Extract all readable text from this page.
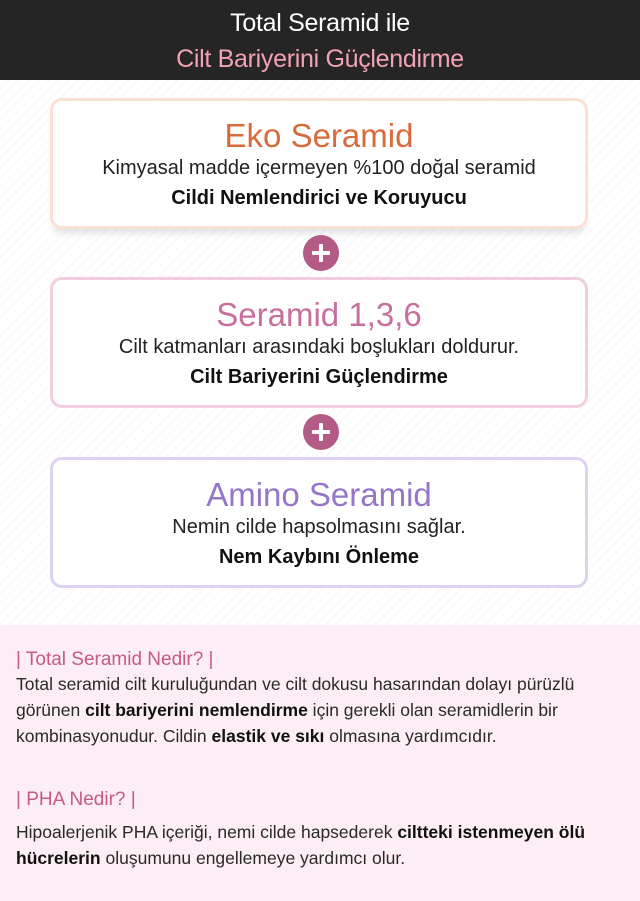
Total Seramid ile
Cilt Bariyerini Güçlendirme
Eko Seramid
Kimyasal madde içermeyen %100 doğal seramid
Cildi Nemlendirici ve Koruyucu
Seramid 1,3,6
Cilt katmanları arasındaki boşlukları doldurur.
Cilt Bariyerini Güçlendirme
Amino Seramid
Nemin cilde hapsolmasını sağlar.
Nem Kaybını Önleme
| Total Seramid Nedir? |
Total seramid cilt kuruluğundan ve cilt dokusu hasarından dolayı pürüzlü görünen cilt bariyerini nemlendirme için gerekli olan seramidlerin bir kombinasyonudur. Cildin elastik ve sıkı olmasına yardımcıdır.
| PHA Nedir? |
Hipoalerjenik PHA içeriği, nemi cilde hapsederek ciltteki istenmeyen ölü hücrelerin oluşumunu engellemeye yardımcı olur.
